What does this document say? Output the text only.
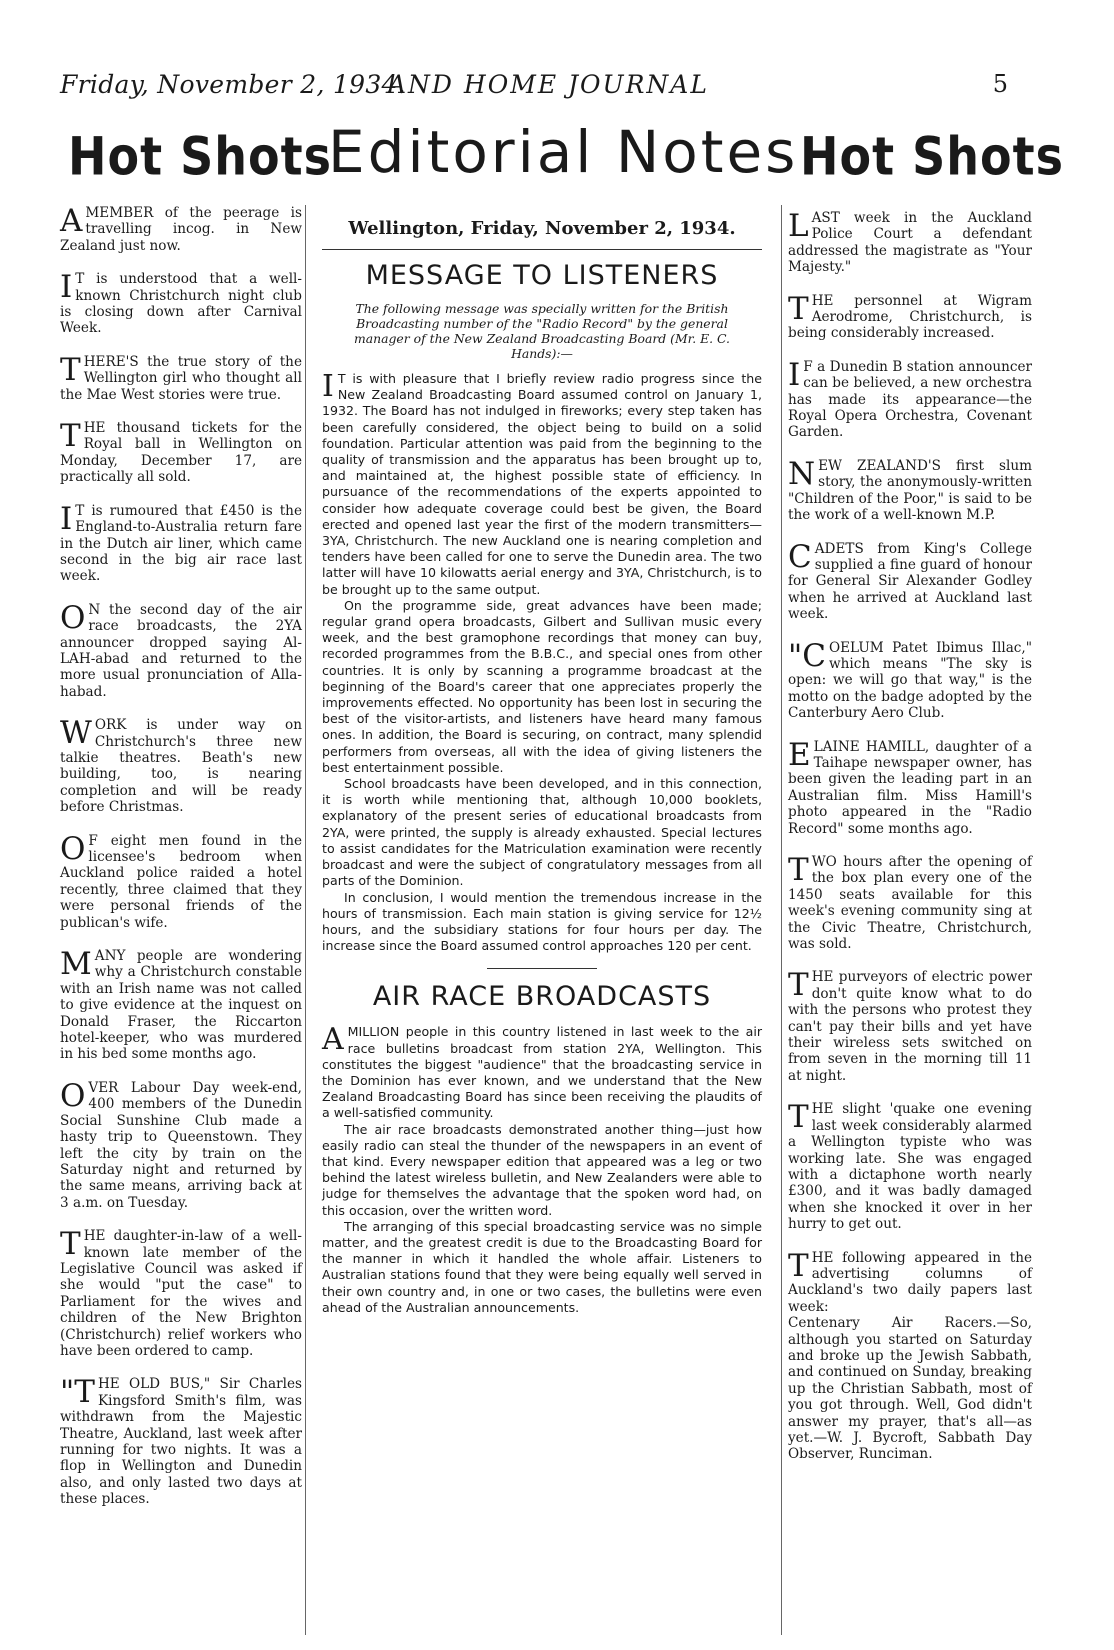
Friday, November 2, 1934.
AND HOME JOURNAL	5
Hot Shots
Editorial Notes Hot Shots
A MEMBER of the peerage is travelling incog. in New Zealand just now.

I T is understood that a well-known Christchurch night club is closing down after Carnival Week.

T HERE'S the true story of the Wellington girl who thought all the Mae West stories were true.

T HE thousand tickets for the Royal ball in Wellington on Monday, December 17, are practically all sold.

I T is rumoured that £450 is the England-to-Australia return fare in the Dutch air liner, which came second in the big air race last week.

O N the second day of the air race broadcasts, the 2YA announcer dropped saying Al-LAH-abad and returned to the more usual pronunciation of Alla-habad.

W ORK is under way on Christchurch's three new talkie theatres. Beath's new building, too, is nearing completion and will be ready before Christmas.

O F eight men found in the licensee's bedroom when Auckland police raided a hotel recently, three claimed that they were personal friends of the publican's wife.

M ANY people are wondering why a Christchurch constable with an Irish name was not called to give evidence at the inquest on Donald Fraser, the Riccarton hotel-keeper, who was murdered in his bed some months ago.

O VER Labour Day week-end, 400 members of the Dunedin Social Sunshine Club made a hasty trip to Queenstown. They left the city by train on the Saturday night and returned by the same means, arriving back at 3 a.m. on Tuesday.

T HE daughter-in-law of a well-known late member of the Legislative Council was asked if she would "put the case" to Parliament for the wives and children of the New Brighton (Christchurch) relief workers who have been ordered to camp.

"T HE OLD BUS," Sir Charles Kingsford Smith's film, was withdrawn from the Majestic Theatre, Auckland, last week after running for two nights. It was a flop in Wellington and Dunedin also, and only lasted two days at these places.

Wellington, Friday, November 2, 1934.
MESSAGE TO LISTENERS
The following message was specially written for the British Broadcasting number of the "Radio Record" by the general manager of the New Zealand Broadcasting Board (Mr. E. C. Hands):—

I T is with pleasure that I briefly review radio progress since the New Zealand Broadcasting Board assumed control on January 1, 1932. The Board has not indulged in fireworks; every step taken has been carefully considered, the object being to build on a solid foundation. Particular attention was paid from the beginning to the quality of transmission and the apparatus has been brought up to, and maintained at, the highest possible state of efficiency. In pursuance of the recommendations of the experts appointed to consider how adequate coverage could best be given, the Board erected and opened last year the first of the modern transmitters—3YA, Christchurch. The new Auckland one is nearing completion and tenders have been called for one to serve the Dunedin area. The two latter will have 10 kilowatts aerial energy and 3YA, Christchurch, is to be brought up to the same output.

On the programme side, great advances have been made; regular grand opera broadcasts, Gilbert and Sullivan music every week, and the best gramophone recordings that money can buy, recorded programmes from the B.B.C., and special ones from other countries. It is only by scanning a programme broadcast at the beginning of the Board's career that one appreciates properly the improvements effected. No opportunity has been lost in securing the best of the visitor-artists, and listeners have heard many famous ones. In addition, the Board is securing, on contract, many splendid performers from overseas, all with the idea of giving listeners the best entertainment possible.

School broadcasts have been developed, and in this connection, it is worth while mentioning that, although 10,000 booklets, explanatory of the present series of educational broadcasts from 2YA, were printed, the supply is already exhausted. Special lectures to assist candidates for the Matriculation examination were recently broadcast and were the subject of congratulatory messages from all parts of the Dominion.

In conclusion, I would mention the tremendous increase in the hours of transmission. Each main station is giving service for 12½ hours, and the subsidiary stations for four hours per day. The increase since the Board assumed control approaches 120 per cent.

AIR RACE BROADCASTS

AMILLION people in this country listened in last week to the air race bulletins broadcast from station 2YA, Wellington. This constitutes the biggest "audience" that the broadcasting service in the Dominion has ever known, and we understand that the New Zealand Broadcasting Board has since been receiving the plaudits of a well-satisfied community.

The air race broadcasts demonstrated another thing—just how easily radio can steal the thunder of the newspapers in an event of that kind. Every newspaper edition that appeared was a leg or two behind the latest wireless bulletin, and New Zealanders were able to judge for themselves the advantage that the spoken word had, on this occasion, over the written word.

The arranging of this special broadcasting service was no simple matter, and the greatest credit is due to the Broadcasting Board for the manner in which it handled the whole affair. Listeners to Australian stations found that they were being equally well served in their own country and, in one or two cases, the bulletins were even ahead of the Australian announcements.

L AST week in the Auckland Police Court a defendant addressed the magistrate as "Your Majesty."

T HE personnel at Wigram Aerodrome, Christchurch, is being considerably increased.

I F a Dunedin B station announcer can be believed, a new orchestra has made its appearance—the Royal Opera Orchestra, Covenant Garden.

N EW ZEALAND'S first slum story, the anonymously-written "Children of the Poor," is said to be the work of a well-known M.P.

C ADETS from King's College supplied a fine guard of honour for General Sir Alexander Godley when he arrived at Auckland last week.

"C OELUM Patet Ibimus Illac," which means "The sky is open: we will go that way," is the motto on the badge adopted by the Canterbury Aero Club.

E LAINE HAMILL, daughter of a Taihape newspaper owner, has been given the leading part in an Australian film. Miss Hamill's photo appeared in the "Radio Record" some months ago.

T WO hours after the opening of the box plan every one of the 1450 seats available for this week's evening community sing at the Civic Theatre, Christchurch, was sold.

T HE purveyors of electric power don't quite know what to do with the persons who protest they can't pay their bills and yet have their wireless sets switched on from seven in the morning till 11 at night.

T HE slight 'quake one evening last week considerably alarmed a Wellington typiste who was working late. She was engaged with a dictaphone worth nearly £300, and it was badly damaged when she knocked it over in her hurry to get out.

T HE following appeared in the advertising columns of Auckland's two daily papers last week:

Centenary Air Racers.—So, although you started on Saturday and broke up the Jewish Sabbath, and continued on Sunday, breaking up the Christian Sabbath, most of you got through. Well, God didn't answer my prayer, that's all—as yet.—W. J. Bycroft, Sabbath Day Observer, Runciman.
